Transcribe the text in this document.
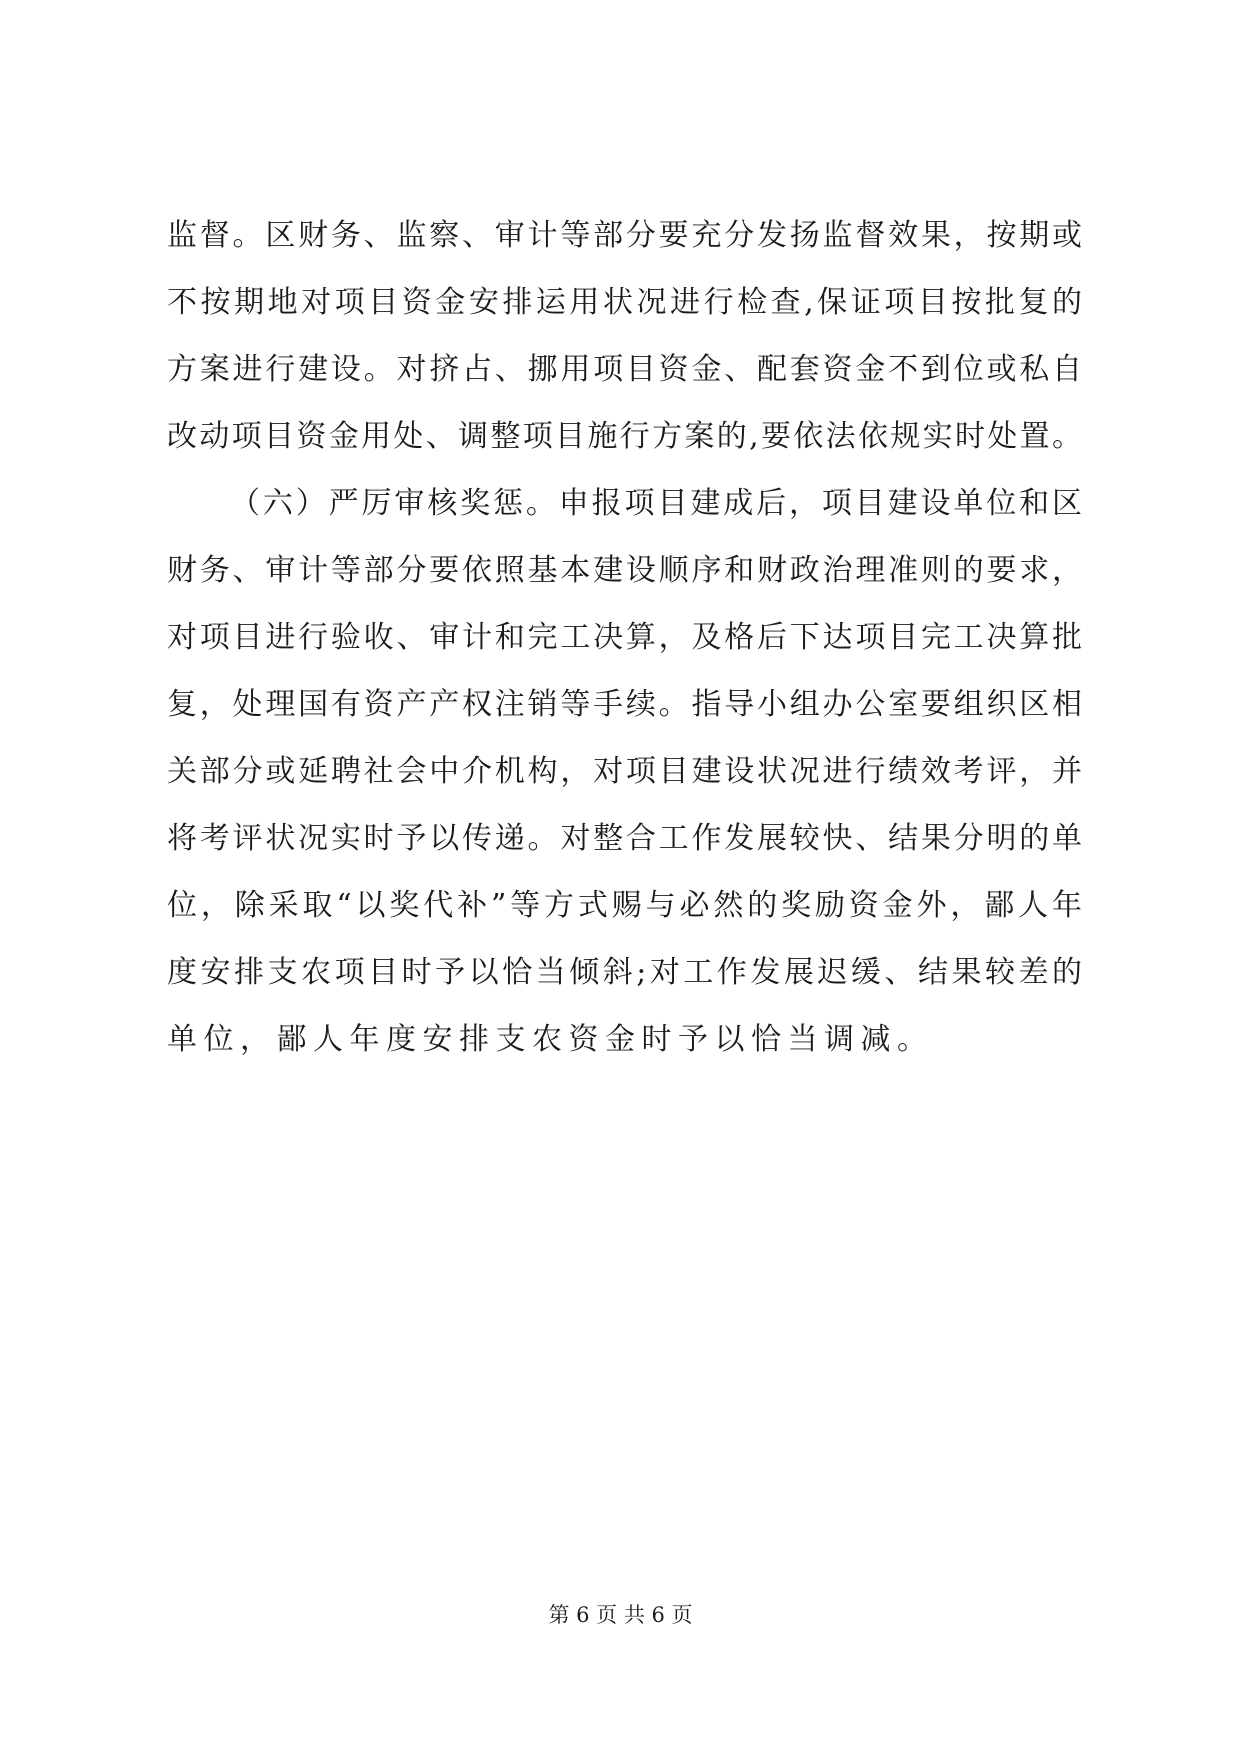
监督。区财务、监察、审计等部分要充分发扬监督效果，按期或
不按期地对项目资金安排运用状况进行检查,保证项目按批复的
方案进行建设。对挤占、挪用项目资金、配套资金不到位或私自
改动项目资金用处、调整项目施行方案的,要依法依规实时处置。
（六）严厉审核奖惩。申报项目建成后，项目建设单位和区
财务、审计等部分要依照基本建设顺序和财政治理准则的要求，
对项目进行验收、审计和完工决算，及格后下达项目完工决算批
复，处理国有资产产权注销等手续。指导小组办公室要组织区相
关部分或延聘社会中介机构，对项目建设状况进行绩效考评，并
将考评状况实时予以传递。对整合工作发展较快、结果分明的单
位，除采取“以奖代补”等方式赐与必然的奖励资金外，鄙人年
度安排支农项目时予以恰当倾斜;对工作发展迟缓、结果较差的
单位，鄙人年度安排支农资金时予以恰当调减。
第 6 页 共 6 页
